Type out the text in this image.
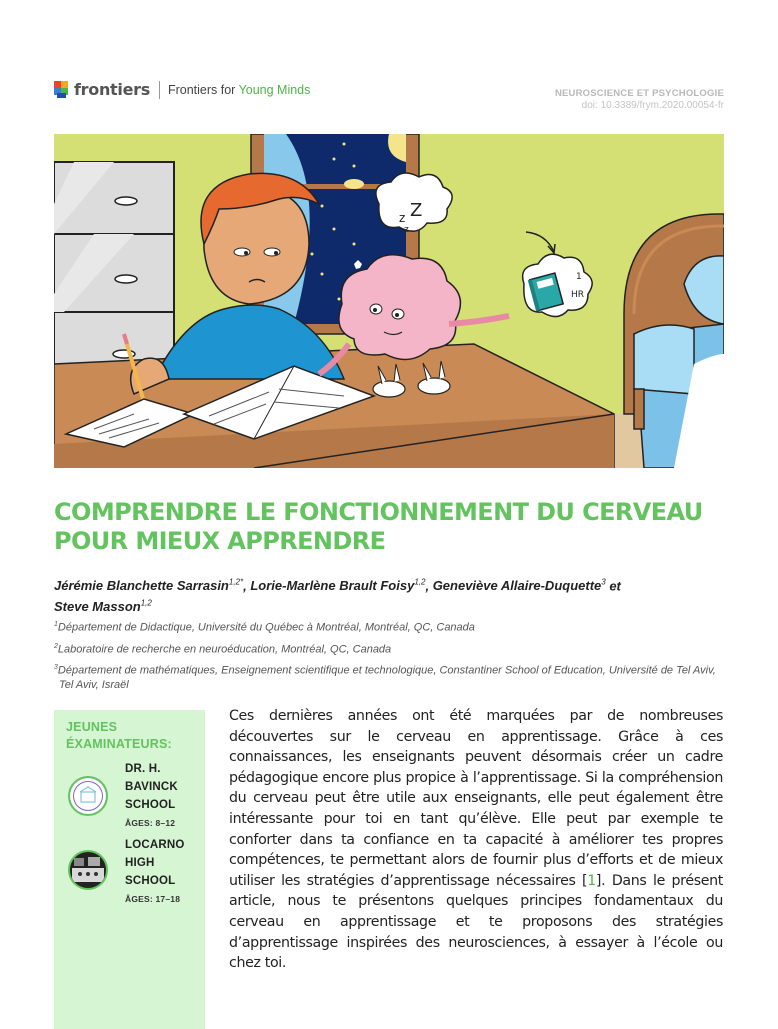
frontiers Frontiers for Young Minds	NEUROSCIENCE ET PSYCHOLOGIE
doi: 10.3389/frym.2020.00054-fr
z Z
z
1
HR
COMPRENDRE LE FONCTIONNEMENT DU CERVEAU POUR MIEUX APPRENDRE
Jérémie Blanchette Sarrasin$^{1,2*}$, Lorie-Marlène Brault Foisy$^{1,2}$, Geneviève Allaire-Duquette$^3$ et
Steve Masson$^{1,2}$
$^1$Département de Didactique, Université du Québec à Montréal, Montréal, QC, Canada
$^2$Laboratoire de recherche en neuroéducation, Montréal, QC, Canada
$^3$Département de mathématiques, Enseignement scientifique et technologique, Constantiner School of Education, Université de Tel Aviv, Tel Aviv, Israël
JEUNES
ÉXAMINATEURS:
DR. H.
BAVINCK
SCHOOL
ÂGES: 8–12
LOCARNO
HIGH
SCHOOL
ÂGES: 17–18

Ces dernières années ont été marquées par de nombreuses découvertes sur le cerveau en apprentissage. Grâce à ces connaissances, les enseignants peuvent désormais créer un cadre pédagogique encore plus propice à l’apprentissage. Si la compréhension du cerveau peut être utile aux enseignants, elle peut également être intéressante pour toi en tant qu’élève. Elle peut par exemple te conforter dans ta confiance en ta capacité à améliorer tes propres compétences, te permettant alors de fournir plus d’efforts et de mieux utiliser les stratégies d’apprentissage nécessaires [1]. Dans le présent article, nous te présentons quelques principes fondamentaux du cerveau en apprentissage et te proposons des stratégies d’apprentissage inspirées des neurosciences, à essayer à l’école ou chez toi.
